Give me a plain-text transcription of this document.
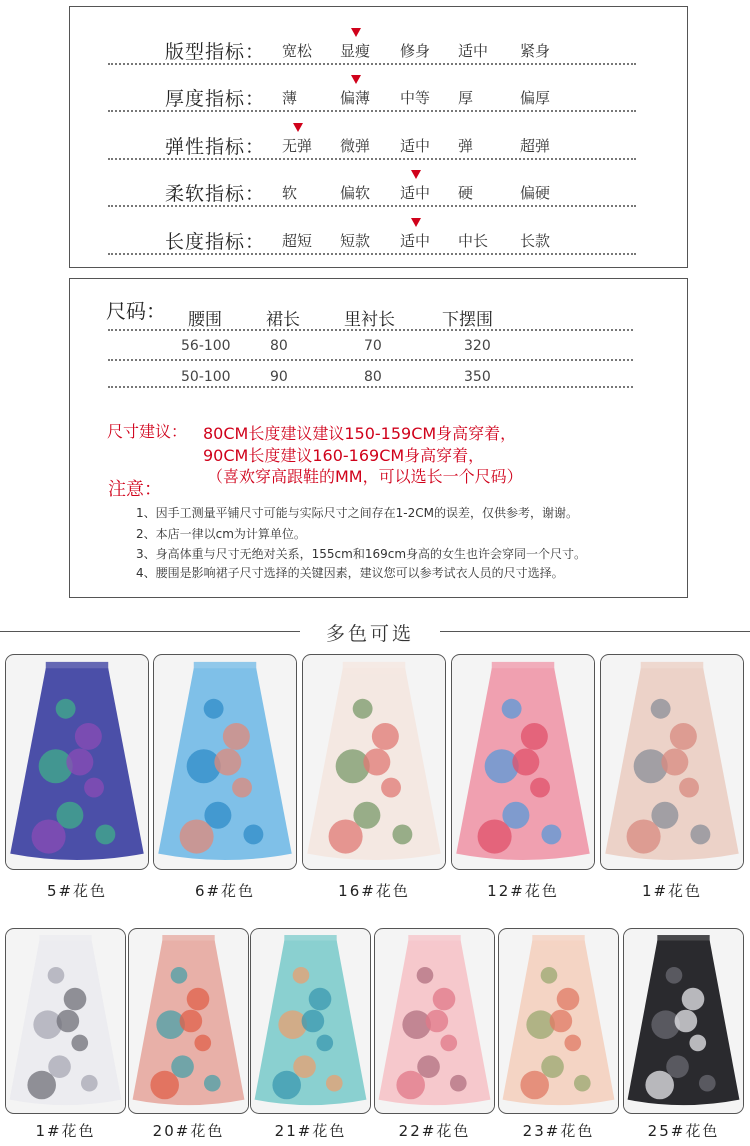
版型指标： 宽松 显瘦 修身 适中 紧身
厚度指标： 薄	偏薄 中等 厚	偏厚
弹性指标： 无弹 微弹 适中 弹	超弹
柔软指标： 软	偏软 适中 硬	偏硬
长度指标： 超短 短款 适中 中长 长款
尺码： 腰围	裙长	里衬长	下摆围
56-100	80	70	320
50-100	90	80	350
尺寸建议： 80CM长度建议建议150-159CM身高穿着，
90CM长度建议160-169CM身高穿着，
（喜欢穿高跟鞋的MM，可以选长一个尺码）
注意：
1、因手工测量平铺尺寸可能与实际尺寸之间存在1-2CM的误差，仅供参考，谢谢。
2、本店一律以cm为计算单位。
3、身高体重与尺寸无绝对关系，155cm和169cm身高的女生也许会穿同一个尺寸。
4、腰围是影响裙子尺寸选择的关键因素，建议您可以参考试衣人员的尺寸选择。
多色可选
5#花色	6#花色	16#花色	12#花色	1#花色
1#花色	20#花色	21#花色	22#花色	23#花色	25#花色
